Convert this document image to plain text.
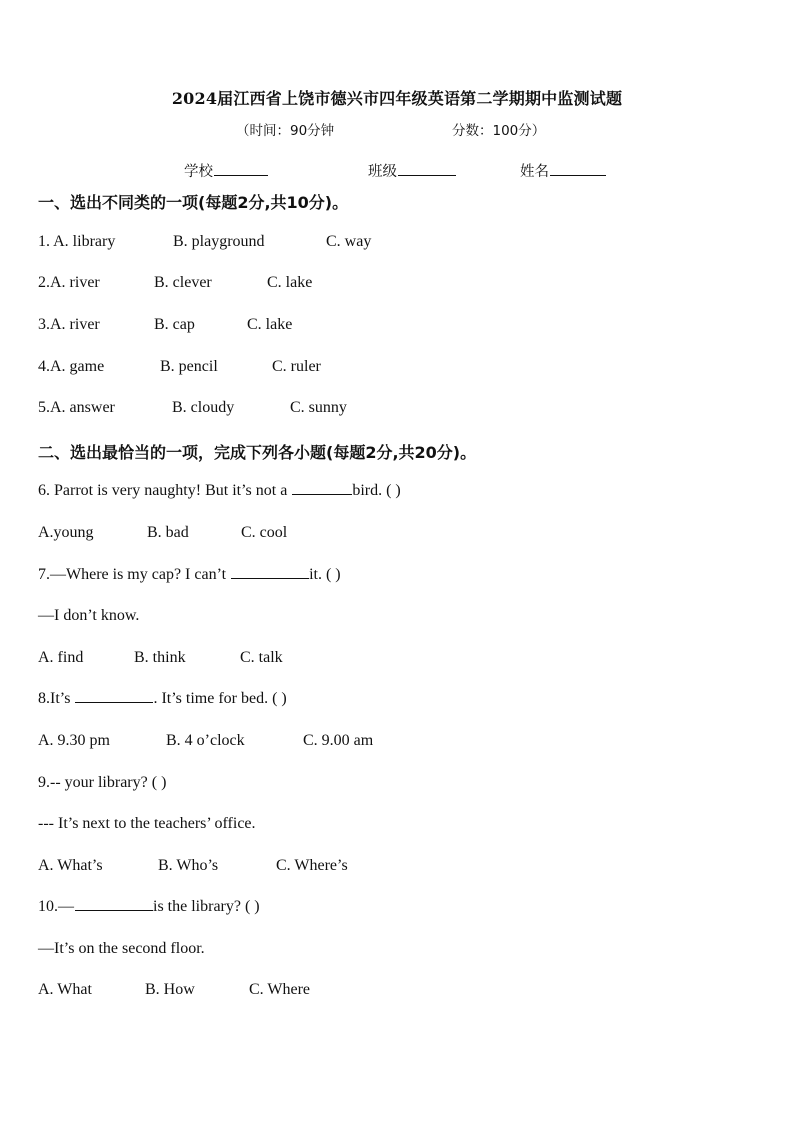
2024届江西省上饶市德兴市四年级英语第二学期期中监测试题
（时间：90分钟	分数：100分）
学校	班级	姓名
一、选出不同类的一项(每题2分,共10分)。
1. A. library	B. playground	C. way
2.A. river	B. clever	C. lake
3.A. river	B. cap	C. lake
4.A. game	B. pencil	C. ruler
5.A. answer	B. cloudy	C. sunny
二、选出最恰当的一项，完成下列各小题(每题2分,共20分)。
6. Parrot is very naughty! But it’s not a	bird. ( )
A.young	B. bad	C. cool
7.—Where is my cap? I can’t	it. ( )
—I don’t know.
A. find	B. think	C. talk
8.It’s	. It’s time for bed. ( )
A. 9.30 pm	B. 4 o’clock	C. 9.00 am
9.-- your library? ( )
--- It’s next to the teachers’ office.
A. What’s	B. Who’s	C. Where’s
10.—	is the library? ( )
—It’s on the second floor.
A. What	B. How	C. Where
